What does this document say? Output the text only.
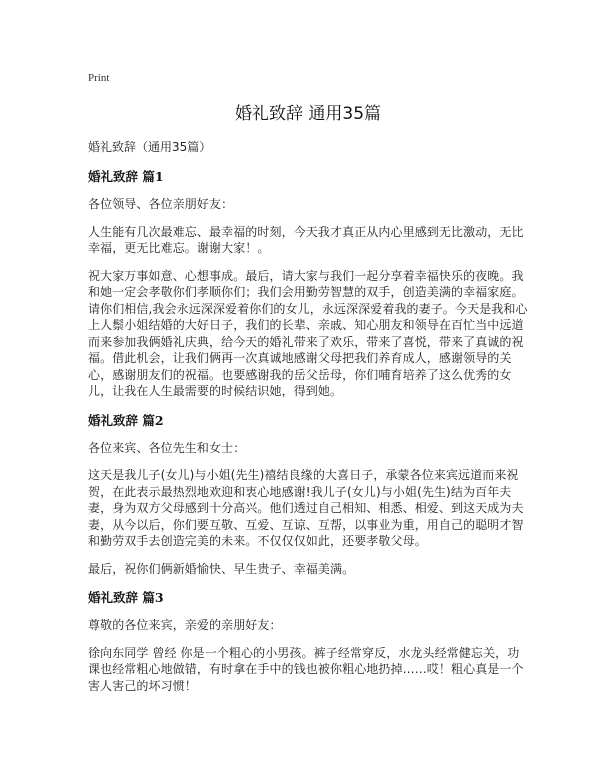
Print
婚礼致辞 通用35篇
婚礼致辞（通用35篇）
婚礼致辞 篇1

各位领导、各位亲朋好友：

人生能有几次最难忘、最幸福的时刻，今天我才真正从内心里感到无比激动，无比幸福，更无比难忘。谢谢大家！。

祝大家万事如意、心想事成。最后，请大家与我们一起分享着幸福快乐的夜晚。我和她一定会孝敬你们孝顺你们；我们会用勤劳智慧的双手，创造美满的幸福家庭。请你们相信,我会永远深深爱着你们的女儿，永远深深爱着我的妻子。今天是我和心上人鬃小姐结婚的大好日子，我们的长辈、亲戚、知心朋友和领导在百忙当中远道而来参加我俩婚礼庆典，给今天的婚礼带来了欢乐，带来了喜悦，带来了真诚的祝福。借此机会，让我们俩再一次真诚地感谢父母把我们养育成人，感谢领导的关心，感谢朋友们的祝福。也要感谢我的岳父岳母，你们哺育培养了这么优秀的女儿，让我在人生最需要的时候结识她，得到她。

婚礼致辞 篇2

各位来宾、各位先生和女士：

这天是我儿子(女儿)与小姐(先生)禧结良缘的大喜日子，承蒙各位来宾远道而来祝贺，在此表示最热烈地欢迎和衷心地感谢!我儿子(女儿)与小姐(先生)结为百年夫妻，身为双方父母感到十分高兴。他们透过自己相知、相悉、相爱、到这天成为夫妻，从今以后，你们要互敬、互爱、互谅、互帮，以事业为重，用自己的聪明才智和勤劳双手去创造完美的未来。不仅仅仅如此，还要孝敬父母。

最后，祝你们俩新婚愉快、早生贵子、幸福美满。

婚礼致辞 篇3

尊敬的各位来宾，亲爱的亲朋好友：

徐向东同学 曾经 你是一个粗心的小男孩。裤子经常穿反，水龙头经常健忘关，功课也经常粗心地做错，有时拿在手中的钱也被你粗心地扔掉……哎！粗心真是一个害人害己的坏习惯！
